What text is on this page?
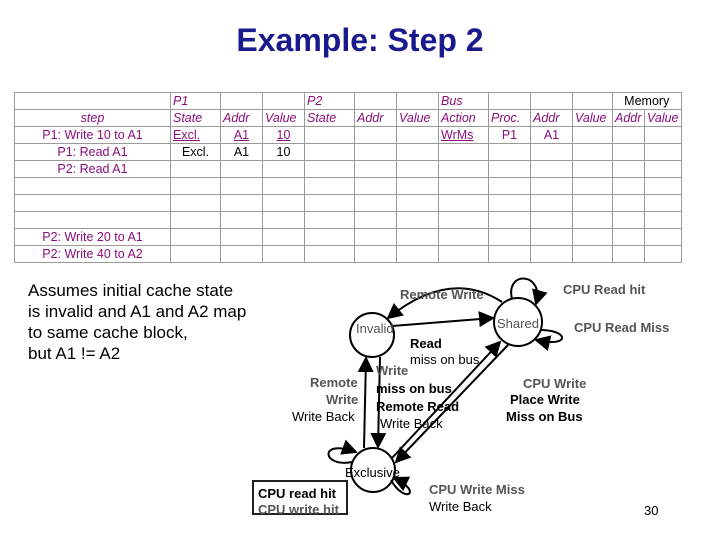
Example: Step 2
	P1			P2			Bus				Memory	
step	State	Addr	Value	State	Addr	Value	Action	Proc.	Addr	Value	Addr	Value
P1: Write 10 to A1	Excl.	A1	10				WrMs	P1	A1			
P1: Read A1	Excl.	A1	10									
P2: Read A1												

P2: Write 20 to A1												
P2: Write 40 to A2												
Assumes initial cache state
is invalid and A1 and A2 map
to same cache block,
but A1 != A2
Remote Write	CPU Read hit
Invalid	Shared	CPU Read Miss
Read
miss on bus
Write
Remote miss on bus
Write Remote Read
Write Back Write Back
CPU Write
Place Write
Miss on Bus
Exclusive
CPU read hit
CPU write hit
CPU Write Miss
Write Back	30
